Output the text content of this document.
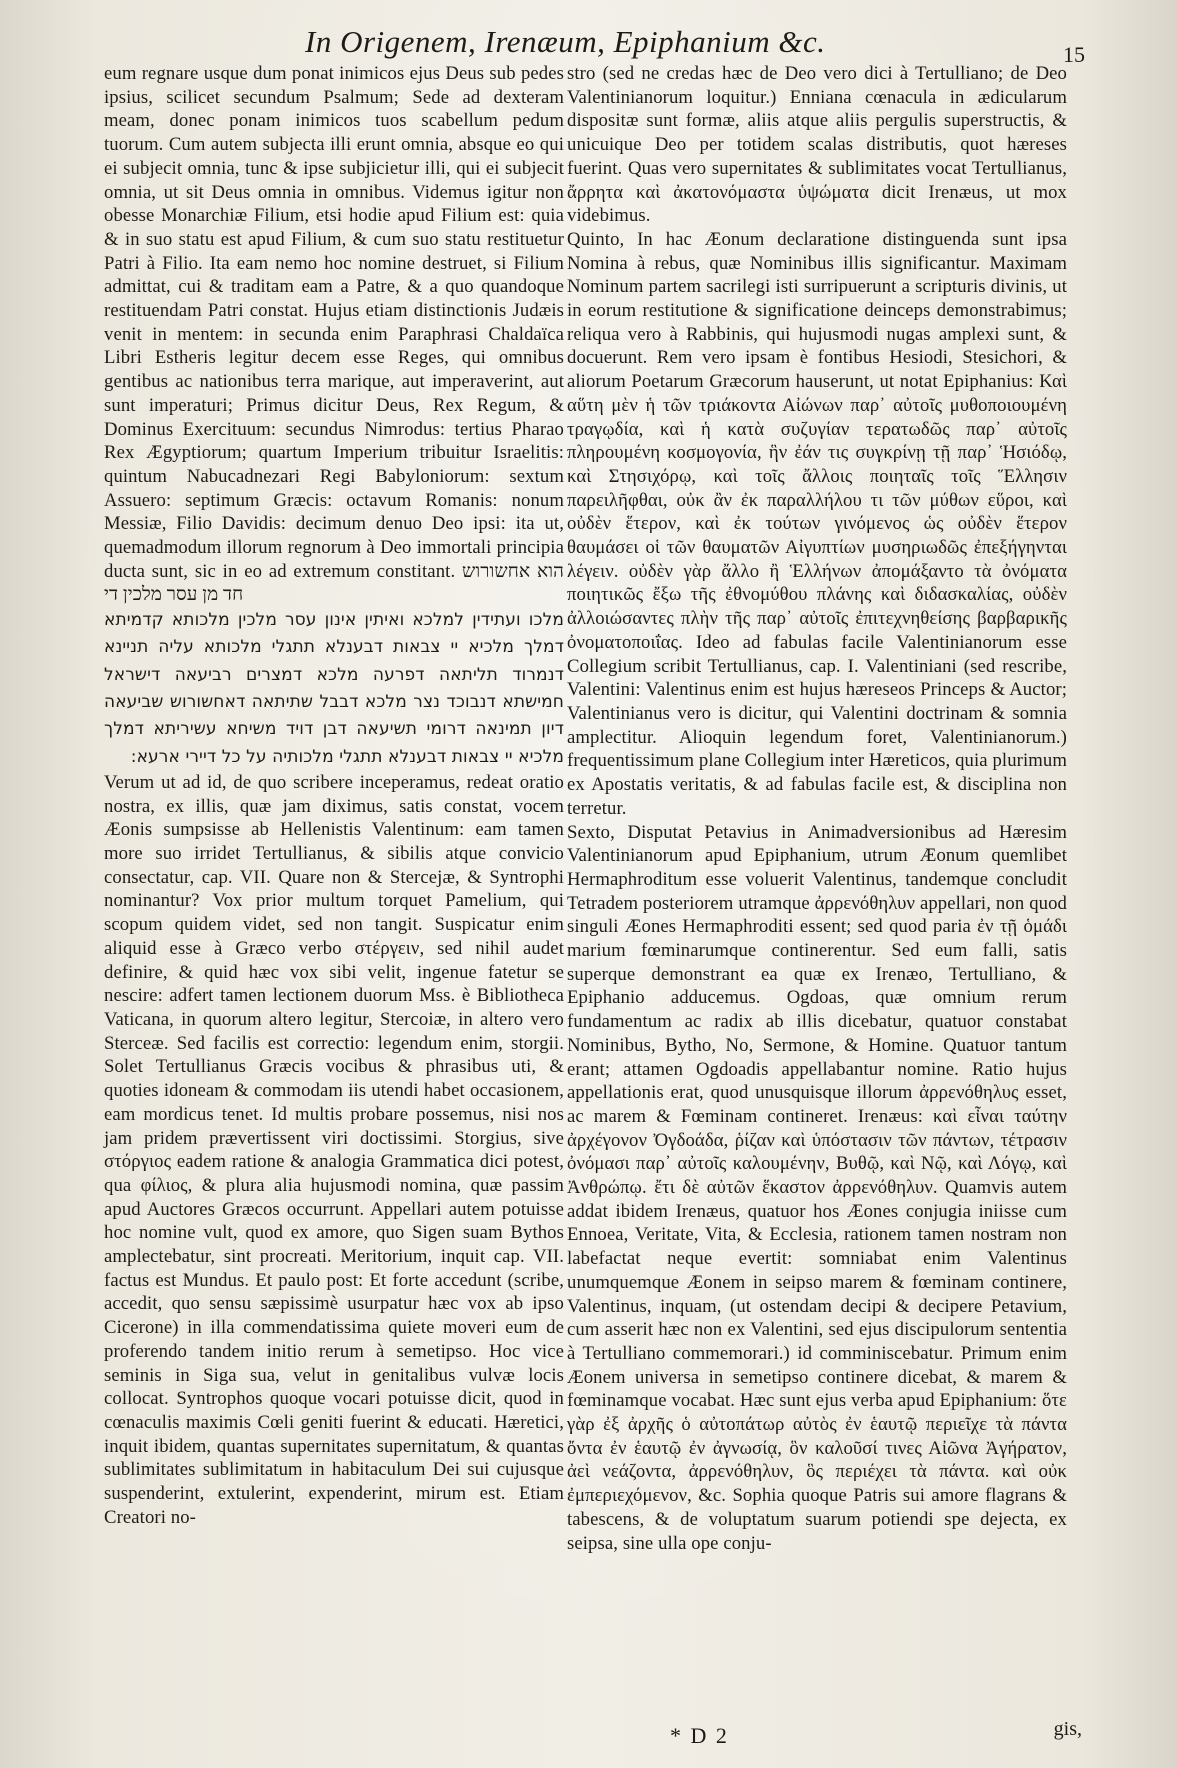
In Origenem, Irenæum, Epiphanium &c.	15

eum regnare usque dum ponat inimicos ejus Deus sub pedes ipsius, scilicet secundum Psalmum; Sede ad dexteram meam, donec ponam inimicos tuos scabellum pedum tuorum. Cum autem subjecta illi erunt omnia, absque eo qui ei subjecit omnia, tunc & ipse subjicietur illi, qui ei subjecit omnia, ut sit Deus omnia in omnibus. Videmus igitur non obesse Monarchiæ Filium, etsi hodie apud Filium est: quia & in suo statu est apud Filium, & cum suo statu restituetur Patri à Filio. Ita eam nemo hoc nomine destruet, si Filium admittat, cui & traditam eam a Patre, & a quo quandoque restituendam Patri constat. Hujus etiam distinctionis Judæis venit in mentem: in secunda enim Paraphrasi Chaldaïca Libri Estheris legitur decem esse Reges, qui omnibus gentibus ac nationibus terra marique, aut imperaverint, aut sunt imperaturi; Primus dicitur Deus, Rex Regum, & Dominus Exercituum: secundus Nimrodus: tertius Pharao Rex Ægyptiorum; quartum Imperium tribuitur Israelitis: quintum Nabucadnezari Regi Babyloniorum: sextum Assuero: septimum Græcis: octavum Romanis: nonum Messiæ, Filio Davidis: decimum denuo Deo ipsi: ita ut, quemadmodum illorum regnorum à Deo immortali principia ducta sunt, sic in eo ad extremum constitant. הוא אחשורוש חד מן עסר מלכין די

מלכו ועתידין למלכא ואיתין אינון עסר מלכין מלכותא קדמיתא דמלך מלכיא יי צבאות דבענלא תתגלי מלכותא עליה תניינא דנמרוד תליתאה דפרעה מלכא דמצרים רביעאה דישראל חמישתא דנבוכד נצר מלכא דבבל שתיתאה דאחשורוש שביעאה דיון תמינאה דרומי תשיעאה דבן דויד משיחא עשיריתא דמלך מלכיא יי צבאות דבענלא תתגלי מלכותיה על כל דיירי ארעא:

Verum ut ad id, de quo scribere inceperamus, redeat oratio nostra, ex illis, quæ jam diximus, satis constat, vocem Æonis sumpsisse ab Hellenistis Valentinum: eam tamen more suo irridet Tertullianus, & sibilis atque convicio consectatur, cap. VII. Quare non & Stercejæ, & Syntrophi nominantur? Vox prior multum torquet Pamelium, qui scopum quidem videt, sed non tangit. Suspicatur enim aliquid esse à Græco verbo στέργειν, sed nihil audet definire, & quid hæc vox sibi velit, ingenue fatetur se nescire: adfert tamen lectionem duorum Mss. è Bibliotheca Vaticana, in quorum altero legitur, Stercoiæ, in altero vero Sterceæ. Sed facilis est correctio: legendum enim, storgii. Solet Tertullianus Græcis vocibus & phrasibus uti, & quoties idoneam & commodam iis utendi habet occasionem, eam mordicus tenet. Id multis probare possemus, nisi nos jam pridem prævertissent viri doctissimi. Storgius, sive στόργιος eadem ratione & analogia Grammatica dici potest, qua φίλιος, & plura alia hujusmodi nomina, quæ passim apud Auctores Græcos occurrunt. Appellari autem potuisse hoc nomine vult, quod ex amore, quo Sigen suam Bythos amplectebatur, sint procreati. Meritorium, inquit cap. VII. factus est Mundus. Et paulo post: Et forte accedunt (scribe, accedit, quo sensu sæpissimè usurpatur hæc vox ab ipso Cicerone) in illa commendatissima quiete moveri eum de proferendo tandem initio rerum à semetipso. Hoc vice seminis in Siga sua, velut in genitalibus vulvæ locis collocat. Syntrophos quoque vocari potuisse dicit, quod in cœnaculis maximis Cœli geniti fuerint & educati. Hæretici, inquit ibidem, quantas supernitates supernitatum, & quantas sublimitates sublimitatum in habitaculum Dei sui cujusque suspenderint, extulerint, expenderint, mirum est. Etiam Creatori no-

stro (sed ne credas hæc de Deo vero dici à Tertulliano; de Deo Valentinianorum loquitur.) Enniana cœnacula in ædicularum dispositæ sunt formæ, aliis atque aliis pergulis superstructis, & unicuique Deo per totidem scalas distributis, quot hæreses fuerint. Quas vero supernitates & sublimitates vocat Tertullianus, ἄρρητα καὶ ἀκατονόμαστα ὑψώματα dicit Irenæus, ut mox videbimus.

Quinto, In hac Æonum declaratione distinguenda sunt ipsa Nomina à rebus, quæ Nominibus illis significantur. Maximam Nominum partem sacrilegi isti surripuerunt a scripturis divinis, ut in eorum restitutione & significatione deinceps demonstrabimus; reliqua vero à Rabbinis, qui hujusmodi nugas amplexi sunt, & docuerunt. Rem vero ipsam è fontibus Hesiodi, Stesichori, & aliorum Poetarum Græcorum hauserunt, ut notat Epiphanius: Καὶ αὕτη μὲν ἡ τῶν τριάκοντα Αἰώνων παρ᾽ αὐτοῖς μυθοποιουμένη τραγῳδία, καὶ ἡ κατὰ συζυγίαν τερατωδῶς παρ᾽ αὐτοῖς πληρουμένη κοσμογονία, ἣν ἐάν τις συγκρίνῃ τῇ παρ᾽ Ἡσιόδῳ, καὶ Στησιχόρῳ, καὶ τοῖς ἄλλοις ποιηταῖς τοῖς Ἕλλησιν παρειλῆφθαι, οὐκ ἂν ἐκ παραλλήλου τι τῶν μύθων εὕροι, καὶ οὐδὲν ἕτερον, καὶ ἐκ τούτων γινόμενος ὡς οὐδὲν ἕτερον θαυμάσει οἱ τῶν θαυματῶν Αἰγυπτίων μυσηριωδῶς ἐπεξήγηνται λέγειν. οὐδὲν γὰρ ἄλλο ἢ Ἑλλήνων ἀπομάξαντο τὰ ὀνόματα ποιητικῶς ἔξω τῆς ἐθνομύθου πλάνης καὶ διδασκαλίας, οὐδὲν ἀλλοιώσαντες πλὴν τῆς παρ᾽ αὐτοῖς ἐπιτεχνηθείσης βαρβαρικῆς ὀνοματοποιΐας. Ideo ad fabulas facile Valentinianorum esse Collegium scribit Tertullianus, cap. I. Valentiniani (sed rescribe, Valentini: Valentinus enim est hujus hæreseos Princeps & Auctor; Valentinianus vero is dicitur, qui Valentini doctrinam & somnia amplectitur. Alioquin legendum foret, Valentinianorum.) frequentissimum plane Collegium inter Hæreticos, quia plurimum ex Apostatis veritatis, & ad fabulas facile est, & disciplina non terretur.

Sexto, Disputat Petavius in Animadversionibus ad Hæresim Valentinianorum apud Epiphanium, utrum Æonum quemlibet Hermaphroditum esse voluerit Valentinus, tandemque concludit Tetradem posteriorem utramque ἀρρενόθηλυν appellari, non quod singuli Æones Hermaphroditi essent; sed quod paria ἐν τῇ ὁμάδι marium fœminarumque continerentur. Sed eum falli, satis superque demonstrant ea quæ ex Irenæo, Tertulliano, & Epiphanio adducemus. Ogdoas, quæ omnium rerum fundamentum ac radix ab illis dicebatur, quatuor constabat Nominibus, Bytho, No, Sermone, & Homine. Quatuor tantum erant; attamen Ogdoadis appellabantur nomine. Ratio hujus appellationis erat, quod unusquisque illorum ἀρρενόθηλυς esset, ac marem & Fœminam contineret. Irenæus: καὶ εἶναι ταύτην ἀρχέγονον Ὀγδοάδα, ῥίζαν καὶ ὑπόστασιν τῶν πάντων, τέτρασιν ὀνόμασι παρ᾽ αὐτοῖς καλουμένην, Βυθῷ, καὶ Νῷ, καὶ Λόγῳ, καὶ Ἀνθρώπῳ. ἔτι δὲ αὐτῶν ἕκαστον ἀρρενόθηλυν. Quamvis autem addat ibidem Irenæus, quatuor hos Æones conjugia iniisse cum Ennoea, Veritate, Vita, & Ecclesia, rationem tamen nostram non labefactat neque evertit: somniabat enim Valentinus unumquemque Æonem in seipso marem & fœminam continere, Valentinus, inquam, (ut ostendam decipi & decipere Petavium, cum asserit hæc non ex Valentini, sed ejus discipulorum sententia à Tertulliano commemorari.) id comminiscebatur. Primum enim Æonem universa in semetipso continere dicebat, & marem & fœminamque vocabat. Hæc sunt ejus verba apud Epiphanium: ὅτε γὰρ ἐξ ἀρχῆς ὁ αὐτοπάτωρ αὐτὸς ἐν ἑαυτῷ περιεῖχε τὰ πάντα ὄντα ἐν ἑαυτῷ ἐν ἀγνωσίᾳ, ὃν καλοῦσί τινες Αἰῶνα Ἀγήρατον, ἀεὶ νεάζοντα, ἀρρενόθηλυν, ὃς περιέχει τὰ πάντα. καὶ οὐκ ἐμπεριεχόμενον, &c. Sophia quoque Patris sui amore flagrans & tabescens, & de voluptatum suarum potiendi spe dejecta, ex seipsa, sine ulla ope conju-

* D 2	gis,
